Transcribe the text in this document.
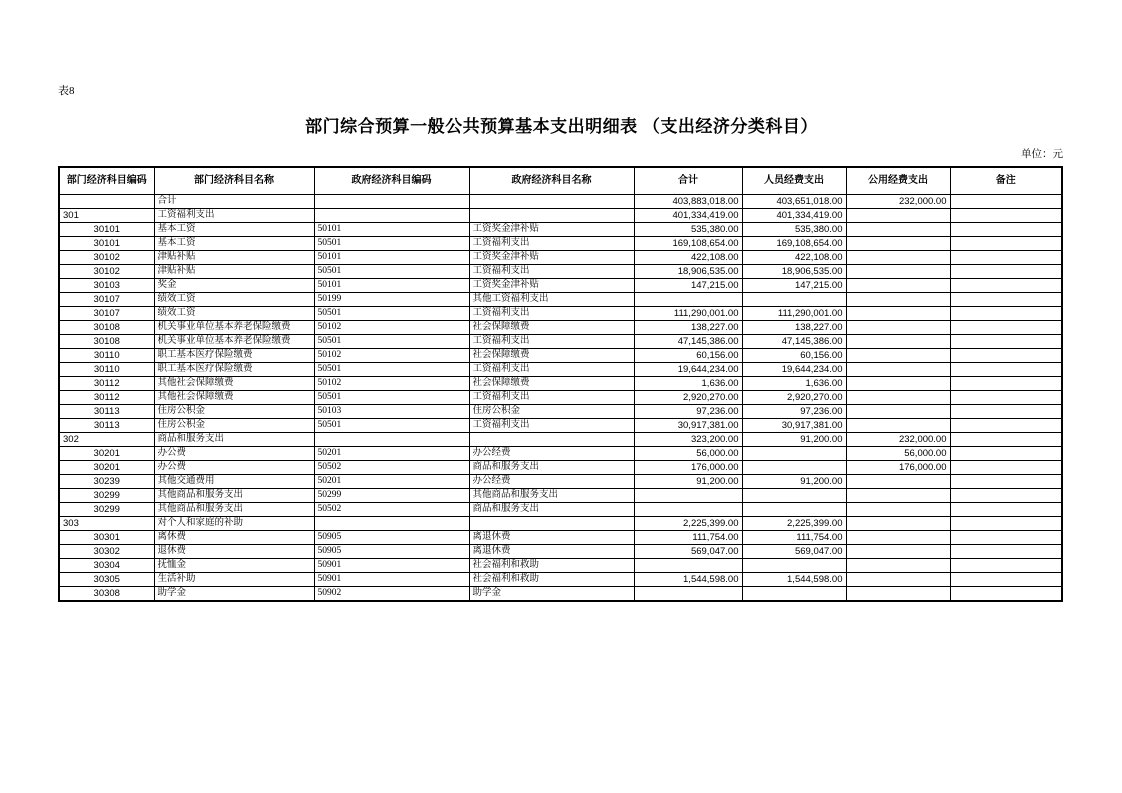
表8
部门综合预算一般公共预算基本支出明细表 （支出经济分类科目）
单位：元
部门经济科目编码	部门经济科目名称	政府经济科目编码	政府经济科目名称	合计	人员经费支出	公用经费支出	备注
	合计			403,883,018.00	403,651,018.00	232,000.00	
301	工资福利支出			401,334,419.00	401,334,419.00		
30101	基本工资	50101	工资奖金津补贴	535,380.00	535,380.00		
30101	基本工资	50501	工资福利支出	169,108,654.00	169,108,654.00		
30102	津贴补贴	50101	工资奖金津补贴	422,108.00	422,108.00		
30102	津贴补贴	50501	工资福利支出	18,906,535.00	18,906,535.00		
30103	奖金	50101	工资奖金津补贴	147,215.00	147,215.00		
30107	绩效工资	50199	其他工资福利支出				
30107	绩效工资	50501	工资福利支出	111,290,001.00	111,290,001.00		
30108	机关事业单位基本养老保险缴费	50102	社会保障缴费	138,227.00	138,227.00		
30108	机关事业单位基本养老保险缴费	50501	工资福利支出	47,145,386.00	47,145,386.00		
30110	职工基本医疗保险缴费	50102	社会保障缴费	60,156.00	60,156.00		
30110	职工基本医疗保险缴费	50501	工资福利支出	19,644,234.00	19,644,234.00		
30112	其他社会保障缴费	50102	社会保障缴费	1,636.00	1,636.00		
30112	其他社会保障缴费	50501	工资福利支出	2,920,270.00	2,920,270.00		
30113	住房公积金	50103	住房公积金	97,236.00	97,236.00		
30113	住房公积金	50501	工资福利支出	30,917,381.00	30,917,381.00		
302	商品和服务支出			323,200.00	91,200.00	232,000.00	
30201	办公费	50201	办公经费	56,000.00		56,000.00	
30201	办公费	50502	商品和服务支出	176,000.00		176,000.00	
30239	其他交通费用	50201	办公经费	91,200.00	91,200.00		
30299	其他商品和服务支出	50299	其他商品和服务支出				
30299	其他商品和服务支出	50502	商品和服务支出				
303	对个人和家庭的补助			2,225,399.00	2,225,399.00		
30301	离休费	50905	离退休费	111,754.00	111,754.00		
30302	退休费	50905	离退休费	569,047.00	569,047.00		
30304	抚恤金	50901	社会福利和救助				
30305	生活补助	50901	社会福利和救助	1,544,598.00	1,544,598.00		
30308	助学金	50902	助学金				
